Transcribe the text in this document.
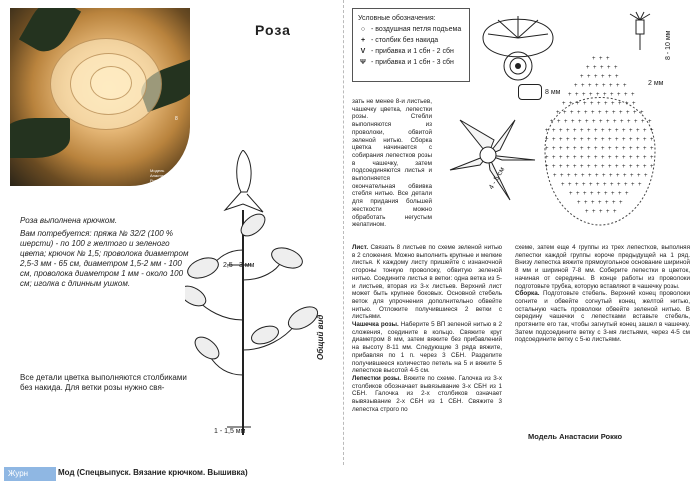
8
Модель
Анастасии
Рокко
Роза

Роза выполнена крючком.

Вам потребуется: пряжа № 32/2 (100 % шерсти) - по 100 г желтого и зеленого цвета; крючок № 1,5; проволока диаметром 2,5-3 мм - 65 см, диаметром 1,5-2 мм - 100 см, проволока диаметром 1 мм - около 100 см; иголка с длинным ушком.

Все детали цветка выполняются столбиками без накида. Для ветки розы нужно свя-
2,5 - 3 мм
1 - 1,5 мм
Общий вид
Условные обозначения:
○ - воздушная петля подъема
+ - столбик без накида
V - прибавка и 1 сбн - 2 сбн
Ψ - прибавка и 1 сбн - 3 сбн
зать не менее 8-и листьев, чашечку цветка, лепестки розы. Стебли выполняются из проволоки, обвитой зеленой нитью. Сборка цветка начинается с собирания лепестков розы в чашечку, затем подсоединяются листья и выполняется окончательная обвивка стебля нитью. Все детали для придания большей жесткости можно обработать негустым желатином.
Лист. Связать 8 листьев по схеме зеленой нитью в 2 сложения. Можно выполнить крупные и мелкие листья. К каждому листу пришейте с изнаночной стороны тонкую проволоку, обвитую зеленой нитью. Соедините листья в ветки: одна ветка из 5-и листьев, вторая из 3-х листьев. Верхний лист может быть крупнее боковых. Основной стебель веток для упрочнения дополнительно обвейте нитью. Отложите получившиеся 2 ветки с листьями.
Чашечка розы. Наберите 5 ВП зеленой нитью в 2 сложения, соедините в кольцо. Свяжите круг диаметром 8 мм, затем вяжите без прибавлений на высоту 8-11 мм. Следующие 3 ряда вяжите, прибавляя по 1 п. через 3 СБН. Разделите получившееся количество петель на 5 и вяжите 5 лепестков высотой 4-5 см.
Лепестки розы. Вяжите по схеме. Галочка из 3-х столбиков обозначает вывязывание 3-х СБН из 1 СБН. Галочка из 2-х столбиков означает вывязывание 2-х СБН из 1 СБН. Свяжите 3 лепестка строго по
схеме, затем еще 4 группы из трех лепестков, выполняя лепестки каждой группы короче предыдущей на 1 ряд. Внизу лепестка вяжите прямоугольное основание шириной 8 мм и шириной 7-8 мм. Соберите лепестки в цветок, начиная от середины. В конце работы из проволоки подготовьте трубка, которую вставляют в чашечку розы.
Сборка. Подготовьте стебель. Верхний конец проволоки согните и обвейте согнутый конец желтой нитью, остальную часть проволоки обвейте зеленой нитью. В середину чашечки с лепестками вставьте стебель, протяните его так, чтобы загнутый конец зашел в чашечку. Затем подсоедините ветку с 3-мя листьями, через 4-5 см подсоедините ветку с 5-ю листьями.
8 мм
4 - 5 см
+ + +
+ + + + +
+ + + + + +
+ + + + + + + +
+ + + + + + + + + +
+ + + + + + + + + + +
+ + + + + + + + + + + + +
+ + + + + + + + + + + + + + +
+ + + + + + + + + + + + + + + +
+ + + + + + + + + + + + + + + +
+ + + + + + + + + + + + + + + +
+ + + + + + + + + + + + + + + +
+ + + + + + + + + + + + + + + +
+ + + + + + + + + + + + + +
+ + + + + + + + + + + +
+ + + + + + + + +
+ + + + + + +
+ + + + +
8 - 10 мм
2 мм
Модель Анастасии Рокко
Журн	Мод (Спецвыпуск. Вязание крючком. Вышивка)
